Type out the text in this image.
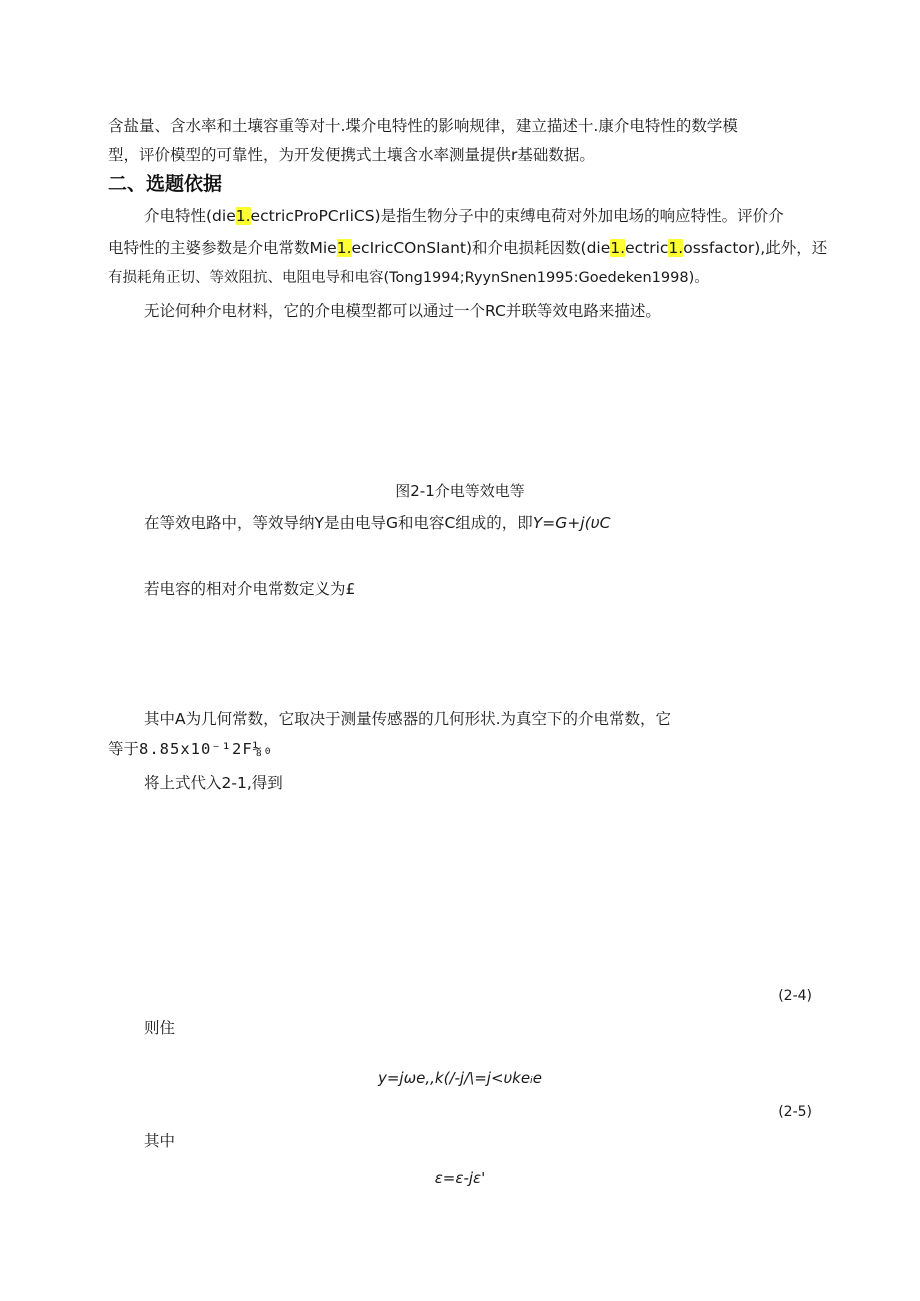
含盐量、含水率和土壤容重等对十.堞介电特性的影响规律，建立描述十.康介电特性的数学模
型，评价模型的可靠性，为开发便携式土壤含水率测量提供r基础数据。
二、选题依据
介电特性(die1.ectricProPCrIiCS)是指生物分子中的束缚电荷对外加电场的响应特性。评价介
电特性的主婆参数是介电常数Mie1.ecIricCOnSIant)和介电损耗因数(die1.ectric1.ossfactor),此外，还
有损耗角正切、等效阻抗、电阻电导和电容(Tong1994;RyynSnen1995:Goedeken1998)。
无论何种介电材料，它的介电模型都可以通过一个RC并联等效电路来描述。
图2-1介电等效电等
在等效电路中，等效导纳Y是由电导G和电容C组成的，即Y=G+j(υC
若电容的相对介电常数定义为£
其中A为几何常数，它取决于测量传感器的几何形状.为真空下的介电常数，它
等于8.85x10⁻¹2F⅛₀
将上式代入2-1,得到
(2-4)
则住
y=jωe,,k(/-j/\=j<υkeᵢe
(2-5)
其中
ε=ε-jε'
